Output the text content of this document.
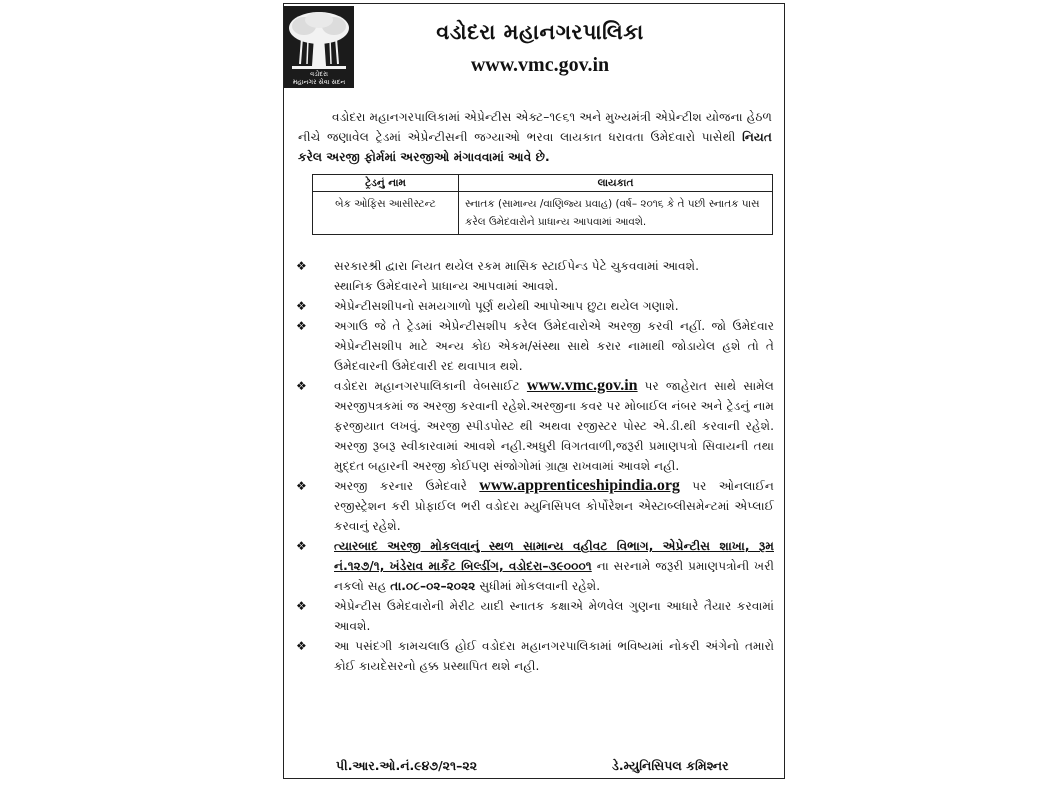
વડોદરા
મહાનગર સેવા સદન
વડોદરા મહાનગરપાલિકા
www.vmc.gov.in
વડોદરા મહાનગરપાલિકામાં એપ્રેન્ટીસ એક્ટ–૧૯૬૧ અને મુખ્યમંત્રી એપ્રેન્ટીશ યોજના હેઠળ નીચે જણાવેલ ટ્રેડમાં એપ્રેન્ટીસની જગ્યાઓ ભરવા લાયકાત ધરાવતા ઉમેદવારો પાસેથી નિયત કરેલ અરજી ફોર્મમાં અરજીઓ મંગાવવામાં આવે છે.
ટ્રેડનું નામ	લાયકાત
બેક ઓફિસ આસીસ્ટન્ટ	સ્નાતક (સામાન્ય /વાણિજ્ય પ્રવાહ) (વર્ષ– ૨૦૧૬ કે તે પછી સ્નાતક પાસ કરેલ ઉમેદવારોને પ્રાધાન્ય આપવામાં આવશે.
❖ સરકારશ્રી દ્વારા નિયત થયેલ રકમ માસિક સ્ટાઈપેન્ડ પેટે ચુકવવામાં આવશે.
સ્થાનિક ઉમેદવારને પ્રાધાન્ય આપવામાં આવશે.
❖ એપ્રેન્ટીસશીપનો સમયગાળો પૂર્ણ થયેથી આપોઆપ છુટા થયેલ ગણાશે.
❖ અગાઉ જે તે ટ્રેડમાં એપ્રેન્ટીસશીપ કરેલ ઉમેદવારોએ અરજી કરવી નહીં. જો ઉમેદવાર એપ્રેન્ટીસશીપ માટે અન્ય કોઇ એકમ/સંસ્થા સાથે કરાર નામાથી જોડાયેલ હશે તો તે ઉમેદવારની ઉમેદવારી રદ થવાપાત્ર થશે.
❖ વડોદરા મહાનગરપાલિકાની વેબસાઈટ www.vmc.gov.in પર જાહેરાત સાથે સામેલ અરજીપત્રકમાં જ અરજી કરવાની રહેશે.અરજીના કવર પર મોબાઈલ નંબર અને ટ્રેડનું નામ ફરજીયાત લખવું. અરજી સ્પીડપોસ્ટ થી અથવા રજીસ્ટર પોસ્ટ એ.ડી.થી કરવાની રહેશે. અરજી રૂબરૂ સ્વીકારવામાં આવશે નહી.અધુરી વિગતવાળી,જરૂરી પ્રમાણપત્રો સિવાયની તથા મુદ્દત બહારની અરજી કોઈપણ સંજોગોમાં ગ્રાહ્ય રાખવામાં આવશે નહી.
❖ અરજી કરનાર ઉમેદવારે www.apprenticeshipindia.org પર ઓનલાઈન રજીસ્ટ્રેશન કરી પ્રોફાઈલ ભરી વડોદરા મ્યુનિસિપલ કોર્પોરેશન એસ્ટાબ્લીસમેન્ટમાં એપ્લાઈ કરવાનું રહેશે.
❖ ત્યારબાદ અરજી મોકલવાનું સ્થળ સામાન્ય વહીવટ વિભાગ, એપ્રેન્ટીસ શાખા, રૂમ નં.૧૨૭/૧, ખંડેરાવ માર્કેટ બિલ્ડીંગ, વડોદરા–૩૯૦૦૦૧ ના સરનામે જરૂરી પ્રમાણપત્રોની ખરી નકલો સહ તા.૦૮–૦૨–૨૦૨૨ સુધીમાં મોકલવાની રહેશે.
❖ એપ્રેન્ટીસ ઉમેદવારોની મેરીટ યાદી સ્નાતક કક્ષાએ મેળવેલ ગુણના આધારે તૈયાર કરવામાં આવશે.
❖ આ પસંદગી કામચલાઉ હોઈ વડોદરા મહાનગરપાલિકામાં ભવિષ્યમાં નોકરી અંગેનો તમારો કોઈ કાયદેસરનો હક્ક પ્રસ્થાપિત થશે નહી.
પી.આર.ઓ.નં.૯૪૭/૨૧–૨૨	ડે.મ્યુનિસિપલ કમિશ્નર
